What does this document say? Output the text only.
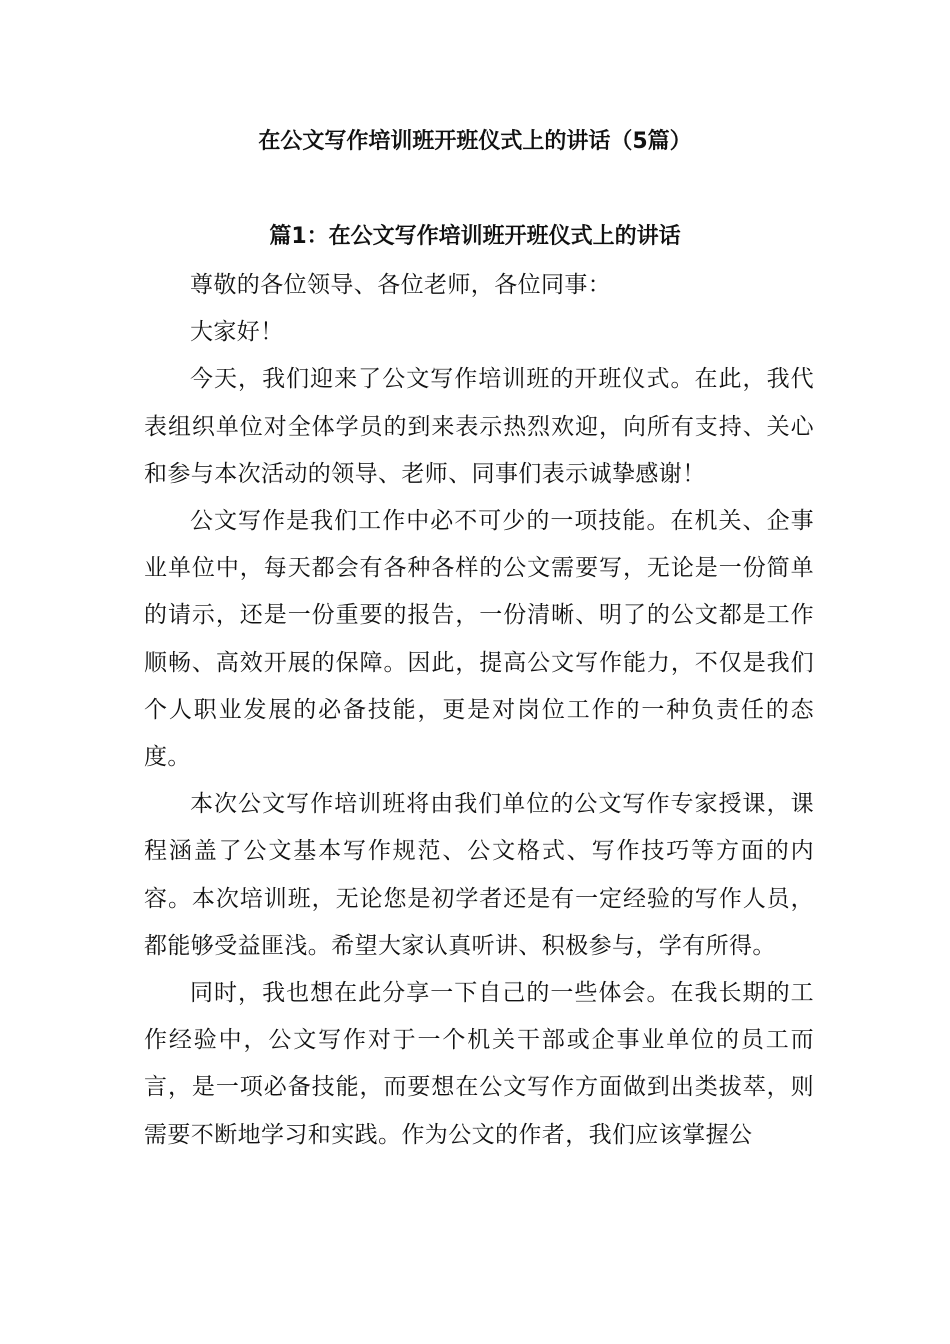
在公文写作培训班开班仪式上的讲话（5篇）
篇1：在公文写作培训班开班仪式上的讲话

尊敬的各位领导、各位老师，各位同事：

大家好！

今天，我们迎来了公文写作培训班的开班仪式。在此，我代表组织单位对全体学员的到来表示热烈欢迎，向所有支持、关心和参与本次活动的领导、老师、同事们表示诚挚感谢！

公文写作是我们工作中必不可少的一项技能。在机关、企事业单位中，每天都会有各种各样的公文需要写，无论是一份简单的请示，还是一份重要的报告，一份清晰、明了的公文都是工作顺畅、高效开展的保障。因此，提高公文写作能力，不仅是我们个人职业发展的必备技能，更是对岗位工作的一种负责任的态度。

本次公文写作培训班将由我们单位的公文写作专家授课，课程涵盖了公文基本写作规范、公文格式、写作技巧等方面的内容。本次培训班，无论您是初学者还是有一定经验的写作人员，都能够受益匪浅。希望大家认真听讲、积极参与，学有所得。

同时，我也想在此分享一下自己的一些体会。在我长期的工作经验中，公文写作对于一个机关干部或企事业单位的员工而言，是一项必备技能，而要想在公文写作方面做到出类拔萃，则需要不断地学习和实践。作为公文的作者，我们应该掌握公
